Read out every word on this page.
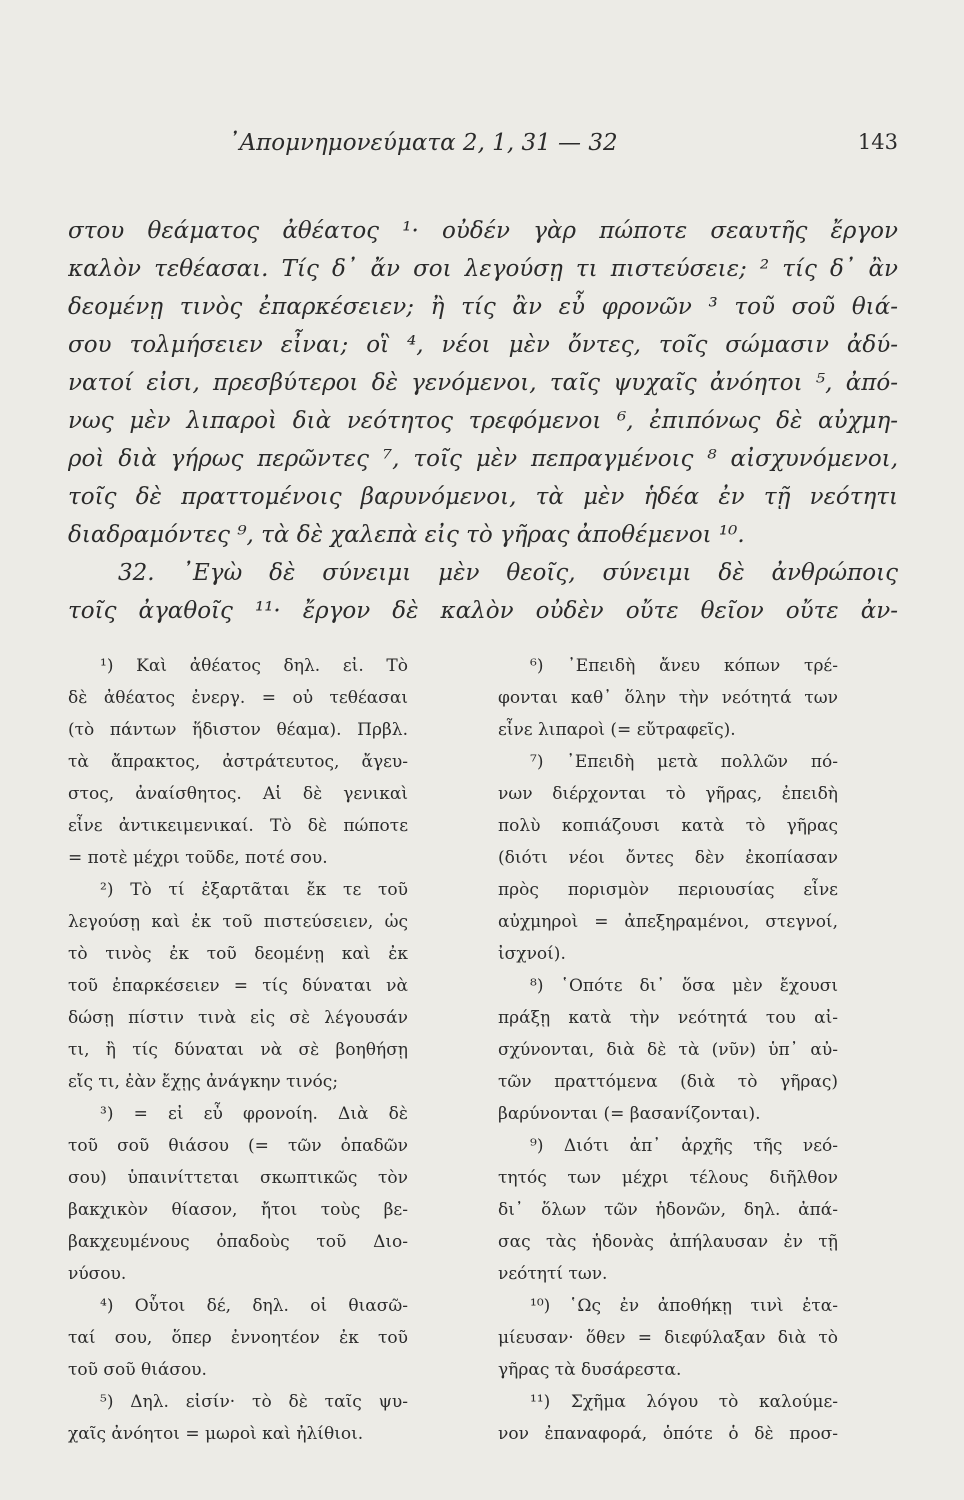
᾿Απομνημονεύματα 2, 1, 31 — 32	143
στου θεάματος ἀθέατος ¹· οὐδέν γὰρ πώποτε σεαυτῆς ἔργον
καλὸν τεθέασαι. Τίς δ᾿ ἄν σοι λεγούσῃ τι πιστεύσειε; ² τίς δ᾿ ἂν
δεομένῃ τινὸς ἐπαρκέσειεν; ἢ τίς ἂν εὖ φρονῶν ³ τοῦ σοῦ θιά-
σου τολμήσειεν εἶναι; οἳ ⁴, νέοι μὲν ὄντες, τοῖς σώμασιν ἀδύ-
νατοί εἰσι, πρεσβύτεροι δὲ γενόμενοι, ταῖς ψυχαῖς ἀνόητοι ⁵, ἀπό-
νως μὲν λιπαροὶ διὰ νεότητος τρεφόμενοι ⁶, ἐπιπόνως δὲ αὐχμη-
ροὶ διὰ γήρως περῶντες ⁷, τοῖς μὲν πεπραγμένοις ⁸ αἰσχυνόμενοι,
τοῖς δὲ πραττομένοις βαρυνόμενοι, τὰ μὲν ἡδέα ἐν τῇ νεότητι
διαδραμόντες ⁹, τὰ δὲ χαλεπὰ εἰς τὸ γῆρας ἀποθέμενοι ¹⁰.
32. ᾿Εγὼ δὲ σύνειμι μὲν θεοῖς, σύνειμι δὲ ἀνθρώποις
τοῖς ἀγαθοῖς ¹¹· ἔργον δὲ καλὸν οὐδὲν οὔτε θεῖον οὔτε ἀν-
¹) Καὶ ἀθέατος δηλ. εἰ. Τὸ
δὲ ἀθέατος ἐνεργ. = οὐ τεθέασαι
(τὸ πάντων ἥδιστον θέαμα). Πρβλ.
τὰ ἄπρακτος, ἀστράτευτος, ἄγευ-
στος, ἀναίσθητος. Αἱ δὲ γενικαὶ
εἶνε ἀντικειμενικαί. Τὸ δὲ πώποτε
= ποτὲ μέχρι τοῦδε, ποτέ σου.
²) Τὸ τί ἐξαρτᾶται ἔκ τε τοῦ
λεγούσῃ καὶ ἐκ τοῦ πιστεύσειεν, ὡς
τὸ τινὸς ἐκ τοῦ δεομένῃ καὶ ἐκ
τοῦ ἐπαρκέσειεν = τίς δύναται νὰ
δώσῃ πίστιν τινὰ εἰς σὲ λέγουσάν
τι, ἢ τίς δύναται νὰ σὲ βοηθήσῃ
εἴς τι, ἐὰν ἔχῃς ἀνάγκην τινός;
³) = εἰ εὖ φρονοίη. Διὰ δὲ
τοῦ σοῦ θιάσου (= τῶν ὀπαδῶν
σου) ὑπαινίττεται σκωπτικῶς τὸν
βακχικὸν θίασον, ἤτοι τοὺς βε-
βακχευμένους ὀπαδοὺς τοῦ Διο-
νύσου.
⁴) Οὗτοι δέ, δηλ. οἱ θιασῶ-
ταί σου, ὅπερ ἐννοητέον ἐκ τοῦ
τοῦ σοῦ θιάσου.
⁵) Δηλ. εἰσίν· τὸ δὲ ταῖς ψυ-
χαῖς ἀνόητοι = μωροὶ καὶ ἠλίθιοι.
⁶) ᾿Επειδὴ ἄνευ κόπων τρέ-
φονται καθ᾿ ὅλην τὴν νεότητά των
εἶνε λιπαροὶ (= εὔτραφεῖς).
⁷) ᾿Επειδὴ μετὰ πολλῶν πό-
νων διέρχονται τὸ γῆρας, ἐπειδὴ
πολὺ κοπιάζουσι κατὰ τὸ γῆρας
(διότι νέοι ὄντες δὲν ἐκοπίασαν
πρὸς πορισμὸν περιουσίας εἶνε
αὐχμηροὶ = ἀπεξηραμένοι, στεγνοί,
ἰσχνοί).
⁸) ῾Οπότε δι᾿ ὅσα μὲν ἔχουσι
πράξῃ κατὰ τὴν νεότητά του αἰ-
σχύνονται, διὰ δὲ τὰ (νῦν) ὑπ᾿ αὐ-
τῶν πραττόμενα (διὰ τὸ γῆρας)
βαρύνονται (= βασανίζονται).
⁹) Διότι ἀπ᾿ ἀρχῆς τῆς νεό-
τητός των μέχρι τέλους διῆλθον
δι᾿ ὅλων τῶν ἡδονῶν, δηλ. ἀπά-
σας τὰς ἡδονὰς ἀπήλαυσαν ἐν τῇ
νεότητί των.
¹⁰) ῾Ως ἐν ἀποθήκῃ τινὶ ἐτα-
μίευσαν· ὅθεν = διεφύλαξαν διὰ τὸ
γῆρας τὰ δυσάρεστα.
¹¹) Σχῆμα λόγου τὸ καλούμε-
νον ἐπαναφορά, ὁπότε ὁ δὲ προσ-
